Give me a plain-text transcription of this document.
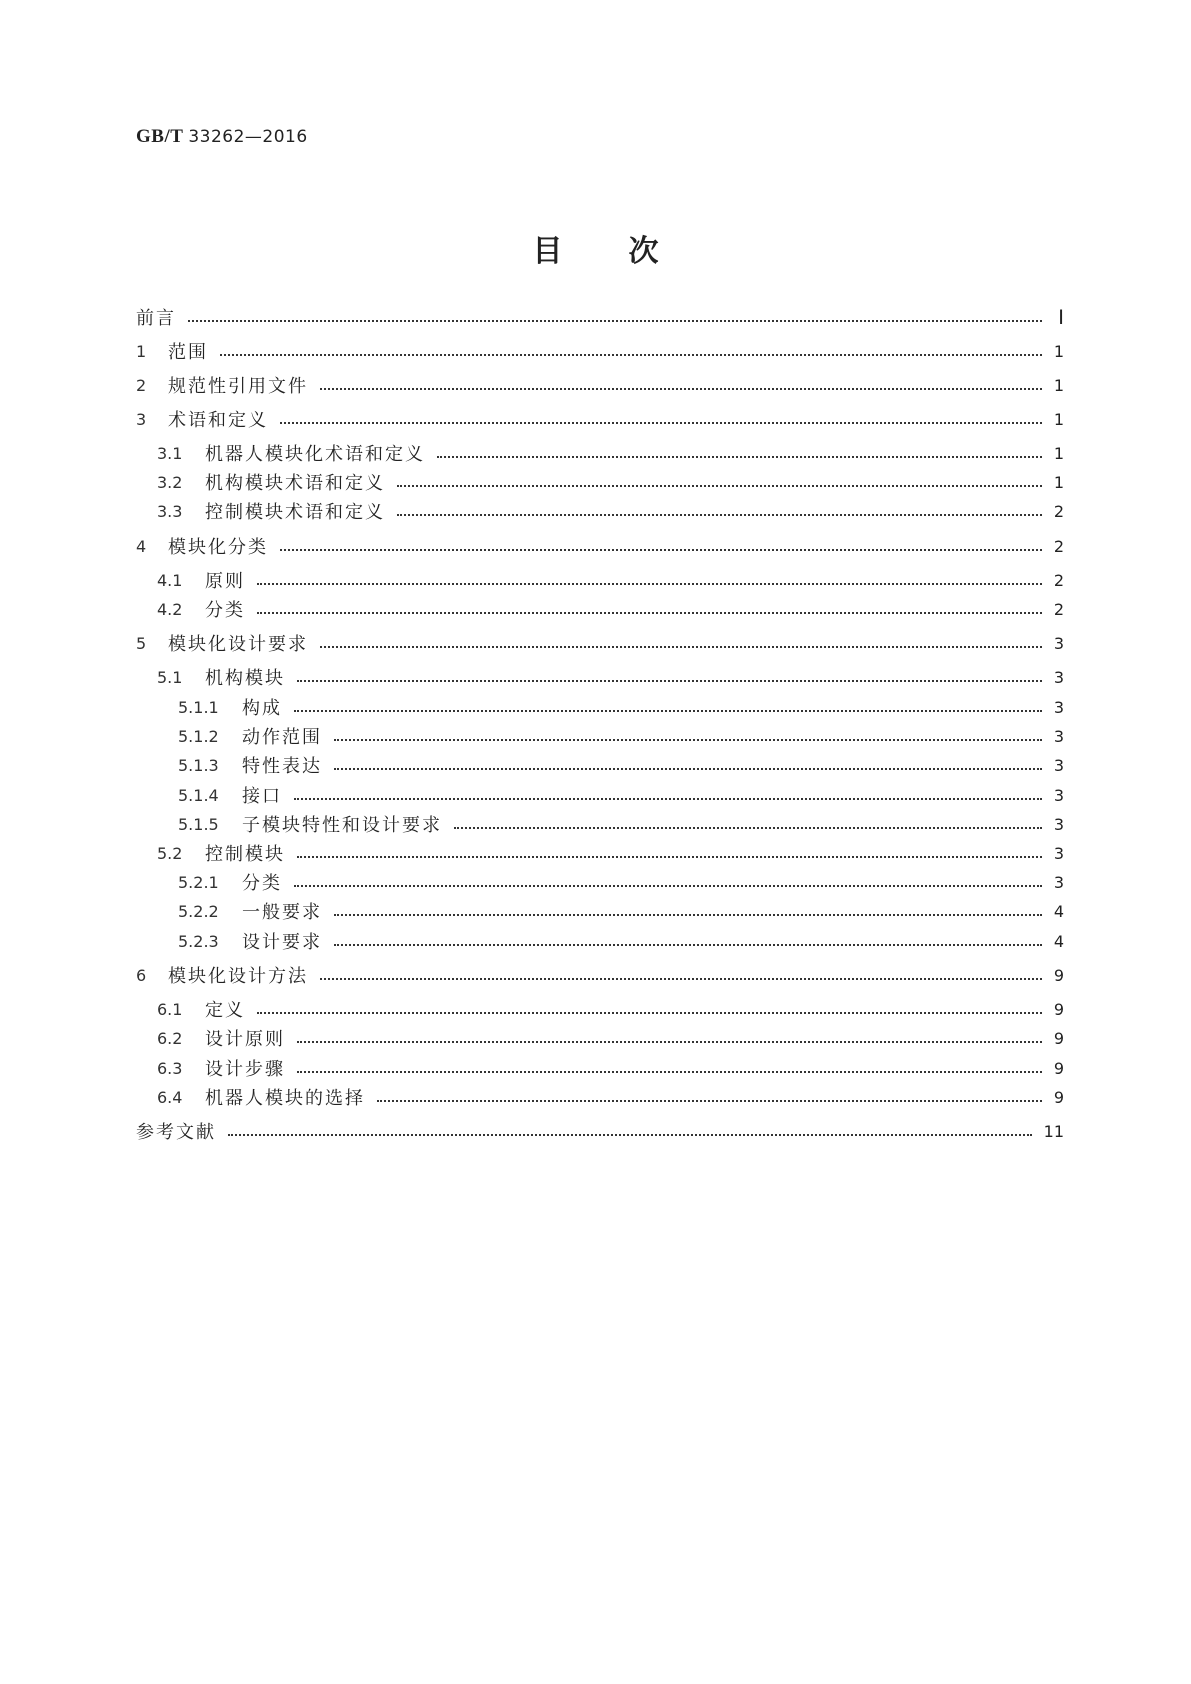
GB/T 33262—2016
目 次
前言	Ⅰ
1	范围	1
2	规范性引用文件	1
3	术语和定义	1
3.1	机器人模块化术语和定义	1
3.2	机构模块术语和定义	1
3.3	控制模块术语和定义	2
4	模块化分类	2
4.1	原则	2
4.2	分类	2
5	模块化设计要求	3
5.1	机构模块	3
5.1.1	构成	3
5.1.2	动作范围	3
5.1.3	特性表达	3
5.1.4	接口	3
5.1.5	子模块特性和设计要求	3
5.2	控制模块	3
5.2.1	分类	3
5.2.2	一般要求	4
5.2.3	设计要求	4
6	模块化设计方法	9
6.1	定义	9
6.2	设计原则	9
6.3	设计步骤	9
6.4	机器人模块的选择	9
参考文献	11
